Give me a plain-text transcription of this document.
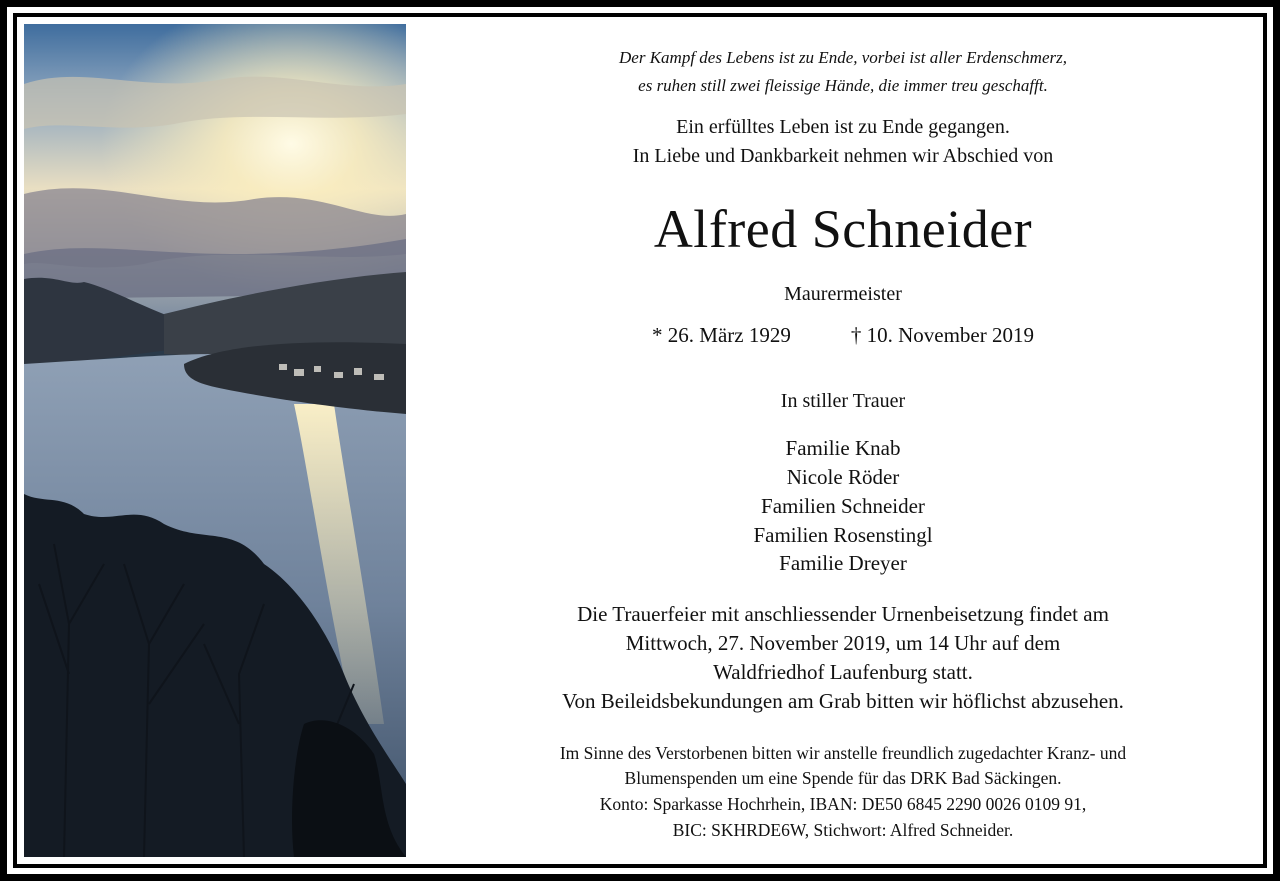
Der Kampf des Lebens ist zu Ende, vorbei ist aller Erdenschmerz,
es ruhen still zwei fleissige Hände, die immer treu geschafft.
Ein erfülltes Leben ist zu Ende gegangen.
In Liebe und Dankbarkeit nehmen wir Abschied von
Alfred Schneider
Maurermeister
* 26. März 1929	† 10. November 2019
In stiller Trauer
Familie Knab
Nicole Röder
Familien Schneider
Familien Rosenstingl
Familie Dreyer
Die Trauerfeier mit anschliessender Urnenbeisetzung findet am
Mittwoch, 27. November 2019, um 14 Uhr auf dem
Waldfriedhof Laufenburg statt.
Von Beileidsbekundungen am Grab bitten wir höflichst abzusehen.
Im Sinne des Verstorbenen bitten wir anstelle freundlich zugedachter Kranz- und
Blumenspenden um eine Spende für das DRK Bad Säckingen.
Konto: Sparkasse Hochrhein, IBAN: DE50 6845 2290 0026 0109 91,
BIC: SKHRDE6W, Stichwort: Alfred Schneider.
